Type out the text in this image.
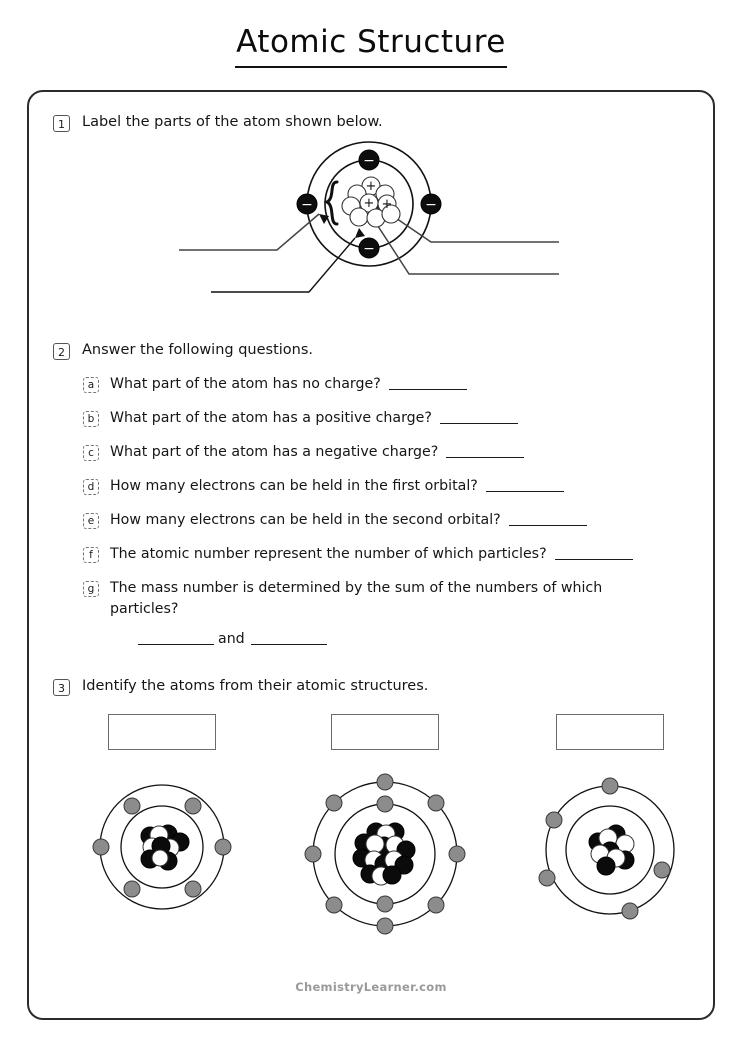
Atomic Structure
1	Label the parts of the atom shown below.
+
+ +
−
−
−	−
2	Answer the following questions.
a	What part of the atom has no charge?
b	What part of the atom has a positive charge?
c	What part of the atom has a negative charge?
d	How many electrons can be held in the first orbital?
e	How many electrons can be held in the second orbital?
f	The atomic number represent the number of which particles?
g	The mass number is determined by the sum of the numbers of which particles?
and
3	Identify the atoms from their atomic structures.
ChemistryLearner.com
